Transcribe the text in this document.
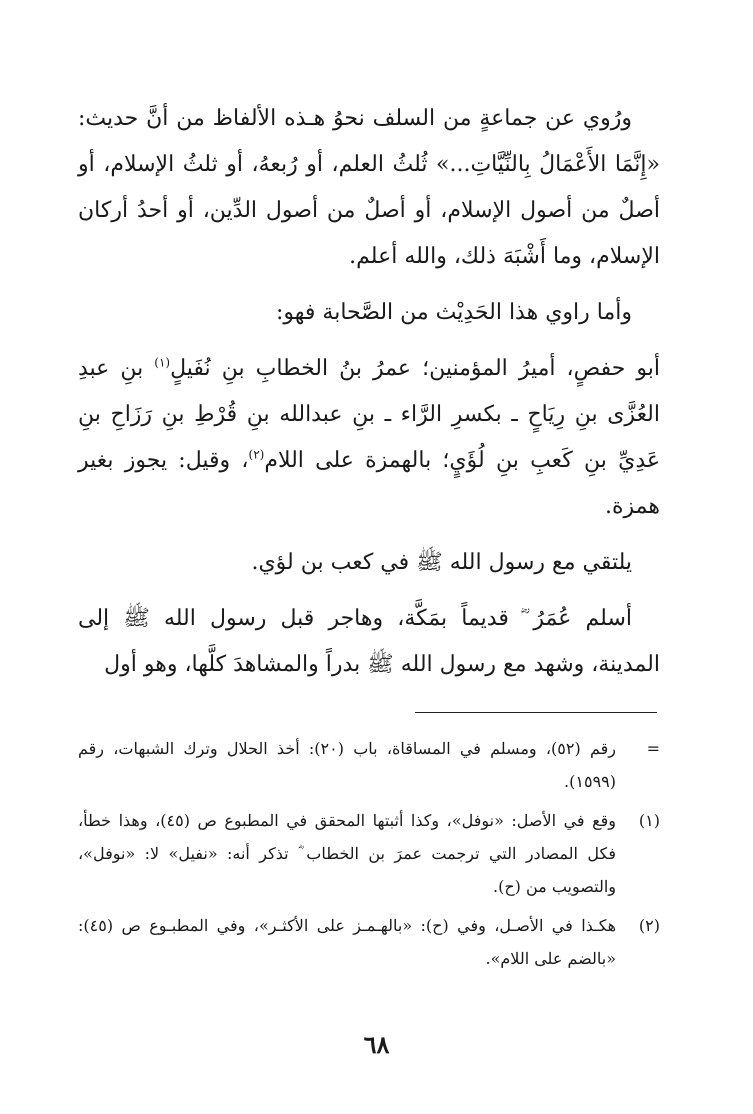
ورُوي عن جماعةٍ من السلف نحوُ هـذه الألفاظ من أنَّ حديث: «إِنَّمَا الأَعْمَالُ بِالنِّيَّاتِ...» ثُلثُ العلم، أو رُبعهُ، أو ثلثُ الإسلام، أو أصلٌ من أصول الإسلام، أو أصلٌ من أصول الدِّين، أو أحدُ أركان الإسلام، وما أَشْبَهَ ذلك، والله أعلم.

وأما راوي هذا الحَدِيْث من الصَّحابة فهو:

أبو حفصٍ، أميرُ المؤمنين؛ عمرُ بنُ الخطابِ بنِ نُفَيلٍ$^{(١)}$ بنِ عبدِ العُزَّى بنِ رِيَاحٍ ـ بكسرِ الرَّاء ـ بنِ عبدالله بنِ قُرْطِ بنِ رَزَاحِ بنِ عَدِيِّ بنِ كَعبِ بنِ لُؤَيٍ؛ بالهمزة على اللام$^{(٢)}$، وقيل: يجوز بغير همزة.

يلتقي مع رسول الله ﷺ في كعب بن لؤي.

أسلم عُمَرُ ؓ قديماً بمَكَّة، وهاجر قبل رسول الله ﷺ إلى المدينة، وشهد مع رسول الله ﷺ بدراً والمشاهدَ كلَّها، وهو أول

=
رقم (٥٢)، ومسلم في المساقاة، باب (٢٠): أخذ الحلال وترك الشبهات، رقم (١٥٩٩).
(١)
وقع في الأصل: «نوفل»، وكذا أثبتها المحقق في المطبوع ص (٤٥)، وهذا خطأ، فكل المصادر التي ترجمت عمرَ بن الخطاب ؓ تذكر أنه: «نفيل» لا: «نوفل»، والتصويب من (ح).
(٢)
هكـذا في الأصـل، وفي (ح): «بالهـمـز على الأكثـر»، وفي المطبـوع ص (٤٥): «بالضم على اللام».
٦٨
